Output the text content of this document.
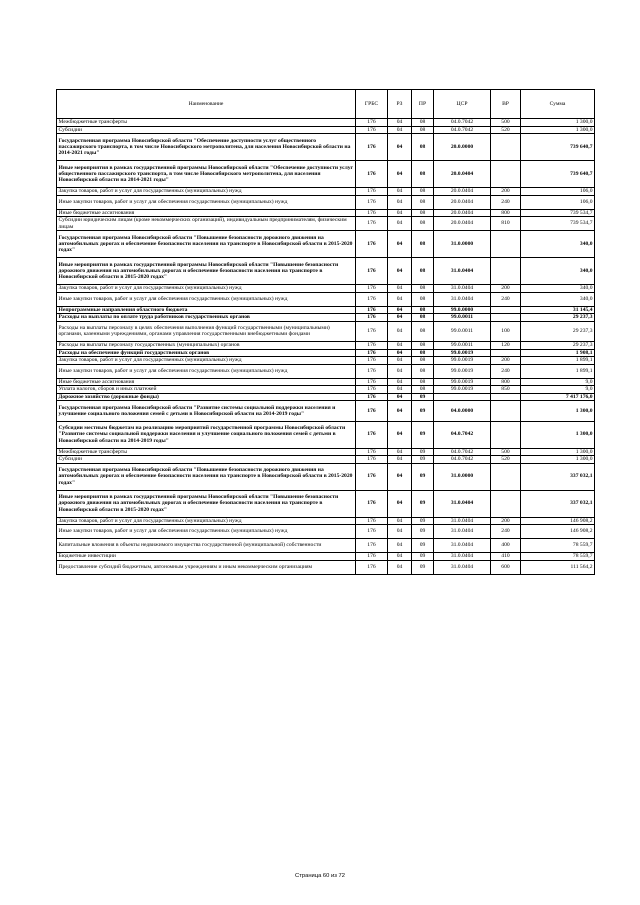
Наименование	ГРБС	РЗ	ПР	ЦСР	ВР	Сумма
Межбюджетные трансферты	176	04	08	04.0.7042	500	1 300,0
Субсидии	176	04	08	04.0.7042	520	1 300,0
Государственная программа Новосибирской области "Обеспечение доступности услуг общественного пассажирского транспорта, в том числе Новосибирского метрополитена, для населения Новосибирской области на 2014-2021 годы"	176	04	08	20.0.0000		739 640,7
Иные мероприятия в рамках государственной программы Новосибирской области "Обеспечение доступности услуг общественного пассажирского транспорта, в том числе Новосибирского метрополитена, для населения Новосибирской области на 2014-2021 годы"	176	04	08	20.0.0404		739 640,7
Закупка товаров, работ и услуг для государственных (муниципальных) нужд	176	04	08	20.0.0404	200	106,0
Иные закупки товаров, работ и услуг для обеспечения государственных (муниципальных) нужд	176	04	08	20.0.0404	240	106,0
Иные бюджетные ассигнования	176	04	08	20.0.0404	800	739 534,7
Субсидии юридическим лицам (кроме некоммерческих организаций), индивидуальным предпринимателям, физическим лицам	176	04	08	20.0.0404	810	739 534,7
Государственная программа Новосибирской области "Повышение безопасности дорожного движения на автомобильных дорогах и обеспечение безопасности населения на транспорте в Новосибирской области в 2015-2020 годах"	176	04	08	31.0.0000		340,0
Иные мероприятия в рамках государственной программы Новосибирской области "Повышение безопасности дорожного движения на автомобильных дорогах и обеспечение безопасности населения на транспорте в Новосибирской области в 2015-2020 годах"	176	04	08	31.0.0404		340,0
Закупка товаров, работ и услуг для государственных (муниципальных) нужд	176	04	08	31.0.0404	200	340,0
Иные закупки товаров, работ и услуг для обеспечения государственных (муниципальных) нужд	176	04	08	31.0.0404	240	340,0
Непрограммные направления областного бюджета	176	04	08	99.0.0000		31 145,4
Расходы на выплаты по оплате труда работников государственных органов	176	04	08	99.0.0011		29 237,3
Расходы на выплаты персоналу в целях обеспечения выполнения функций государственными (муниципальными) органами, казенными учреждениями, органами управления государственными внебюджетными фондами	176	04	08	99.0.0011	100	29 237,3
Расходы на выплаты персоналу государственных (муниципальных) органов	176	04	08	99.0.0011	120	29 237,3
Расходы на обеспечение функций государственных органов	176	04	08	99.0.0019		1 908,1
Закупка товаров, работ и услуг для государственных (муниципальных) нужд	176	04	08	99.0.0019	200	1 899,1
Иные закупки товаров, работ и услуг для обеспечения государственных (муниципальных) нужд	176	04	08	99.0.0019	240	1 899,1
Иные бюджетные ассигнования	176	04	08	99.0.0019	800	9,0
Уплата налогов, сборов и иных платежей	176	04	08	99.0.0019	850	9,0
Дорожное хозяйство (дорожные фонды)	176	04	09			7 417 176,0
Государственная программа Новосибирской области "Развитие системы социальной поддержки населения и улучшение социального положения семей с детьми в Новосибирской области на 2014-2019 годы"	176	04	09	04.0.0000		1 300,0
Субсидии местным бюджетам на реализацию мероприятий государственной программы Новосибирской области "Развитие системы социальной поддержки населения и улучшение социального положения семей с детьми в Новосибирской области на 2014-2019 годы"	176	04	09	04.0.7042		1 300,0
Межбюджетные трансферты	176	04	09	04.0.7042	500	1 300,0
Субсидии	176	04	09	04.0.7042	520	1 300,0
Государственная программа Новосибирской области "Повышение безопасности дорожного движения на автомобильных дорогах и обеспечение безопасности населения на транспорте в Новосибирской области в 2015-2020 годах"	176	04	09	31.0.0000		337 032,1
Иные мероприятия в рамках государственной программы Новосибирской области "Повышение безопасности дорожного движения на автомобильных дорогах и обеспечение безопасности населения на транспорте в Новосибирской области в 2015-2020 годах"	176	04	09	31.0.0404		337 032,1
Закупка товаров, работ и услуг для государственных (муниципальных) нужд	176	04	09	31.0.0404	200	146 908,2
Иные закупки товаров, работ и услуг для обеспечения государственных (муниципальных) нужд	176	04	09	31.0.0404	240	146 908,2
Капитальные вложения в объекты недвижимого имущества государственной (муниципальной) собственности	176	04	09	31.0.0404	400	78 559,7
Бюджетные инвестиции	176	04	09	31.0.0404	410	78 559,7
Предоставление субсидий бюджетным, автономным учреждениям и иным некоммерческим организациям	176	04	09	31.0.0404	600	111 564,2
Страница 60 из 72
